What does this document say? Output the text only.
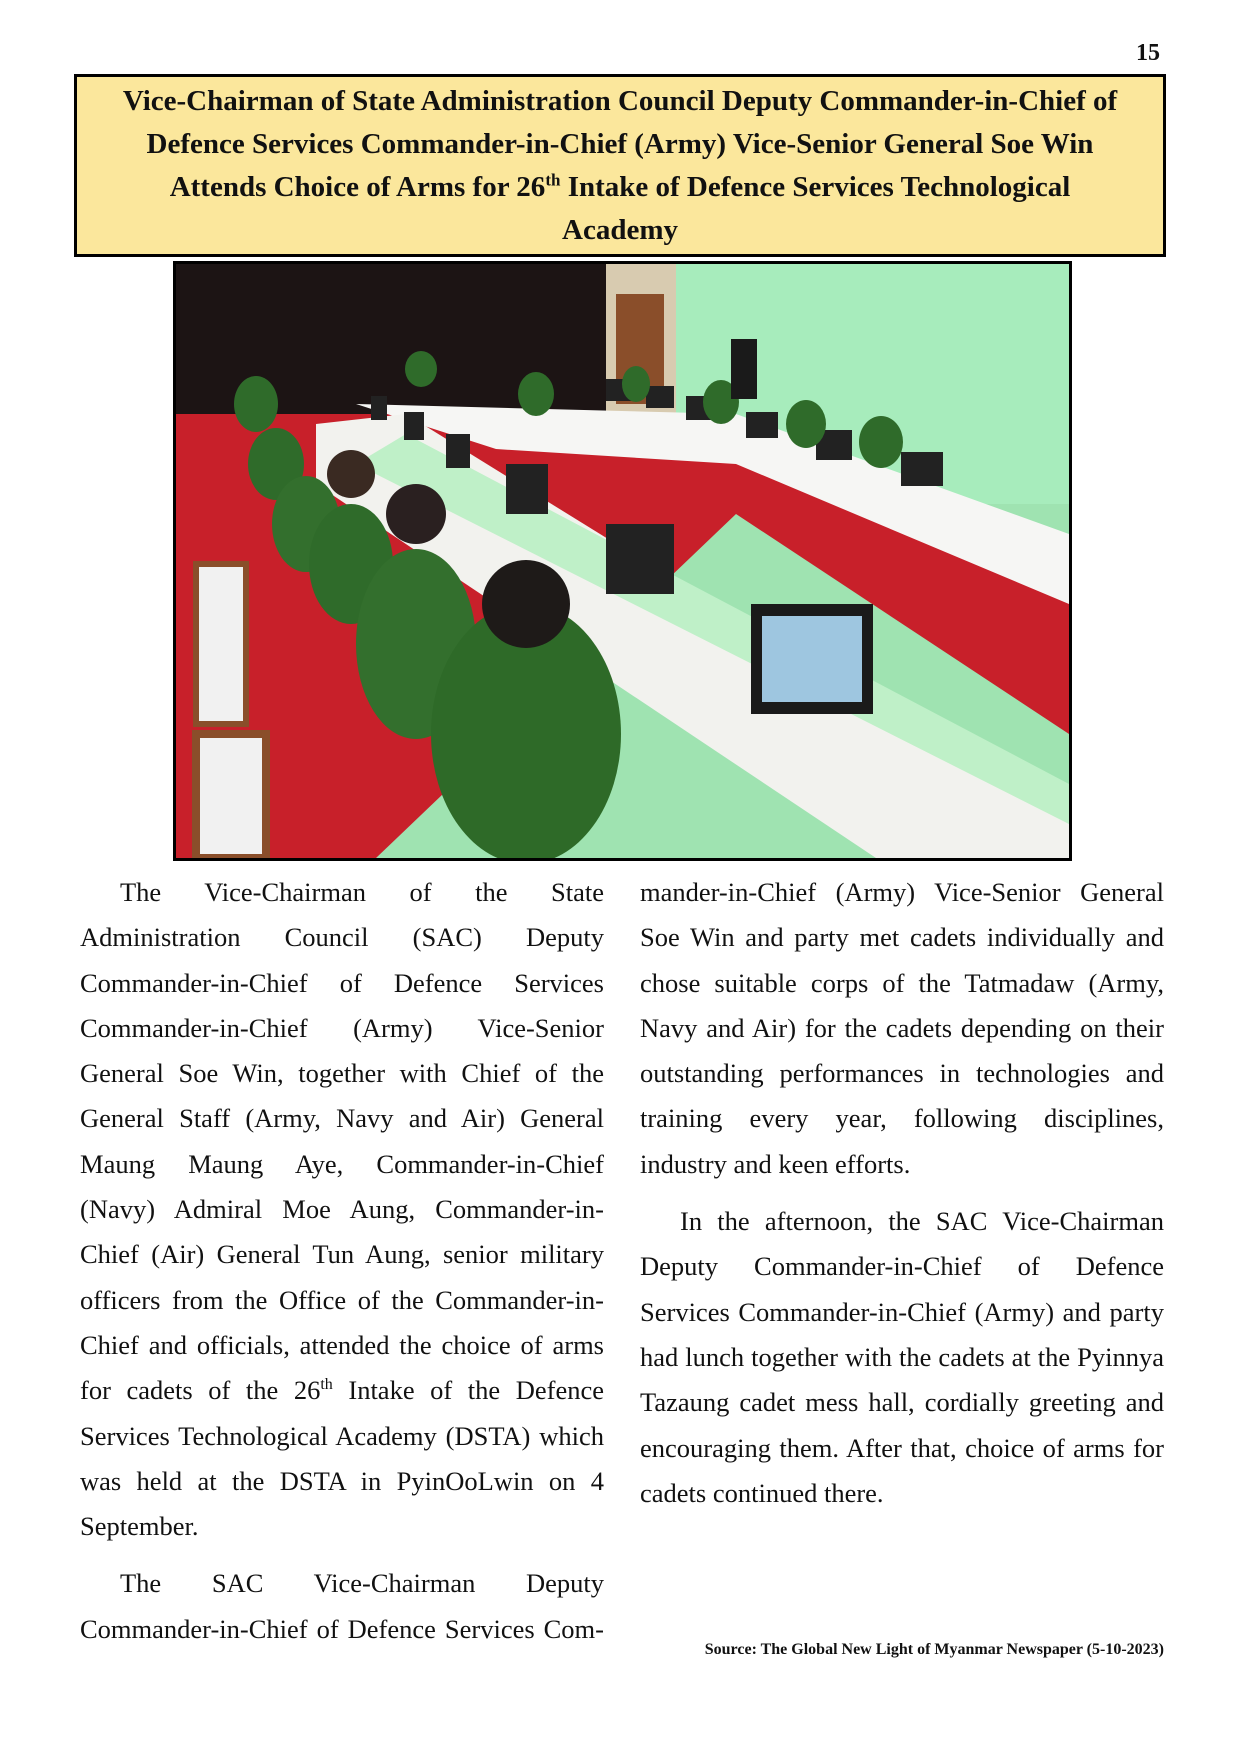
15
Vice-Chairman of State Administration Council Deputy Commander-in-Chief of
Defence Services Commander-in-Chief (Army) Vice-Senior General Soe Win
Attends Choice of Arms for 26th Intake of Defence Services Technological
Academy

The Vice-Chairman of the State Administration Council (SAC) Deputy Commander-in-Chief of Defence Services Commander-in-Chief (Army) Vice-Senior General Soe Win, together with Chief of the General Staff (Army, Navy and Air) General Maung Maung Aye, Commander-in-Chief (Navy) Admiral Moe Aung, Commander-in-Chief (Air) General Tun Aung, senior military officers from the Office of the Commander-in-Chief and officials, attended the choice of arms for cadets of the 26th Intake of the Defence Services Technological Academy (DSTA) which was held at the DSTA in PyinOoLwin on 4 September.

The SAC Vice-Chairman Deputy Commander-in-Chief of Defence Services Com-

mander-in-Chief (Army) Vice-Senior General Soe Win and party met cadets individually and chose suitable corps of the Tatmadaw (Army, Navy and Air) for the cadets depending on their outstanding performances in technologies and training every year, following disciplines, industry and keen efforts.

In the afternoon, the SAC Vice-Chairman Deputy Commander-in-Chief of Defence Services Commander-in-Chief (Army) and party had lunch together with the cadets at the Pyinnya Tazaung cadet mess hall, cordially greeting and encouraging them. After that, choice of arms for cadets continued there.

Source: The Global New Light of Myanmar Newspaper (5-10-2023)
